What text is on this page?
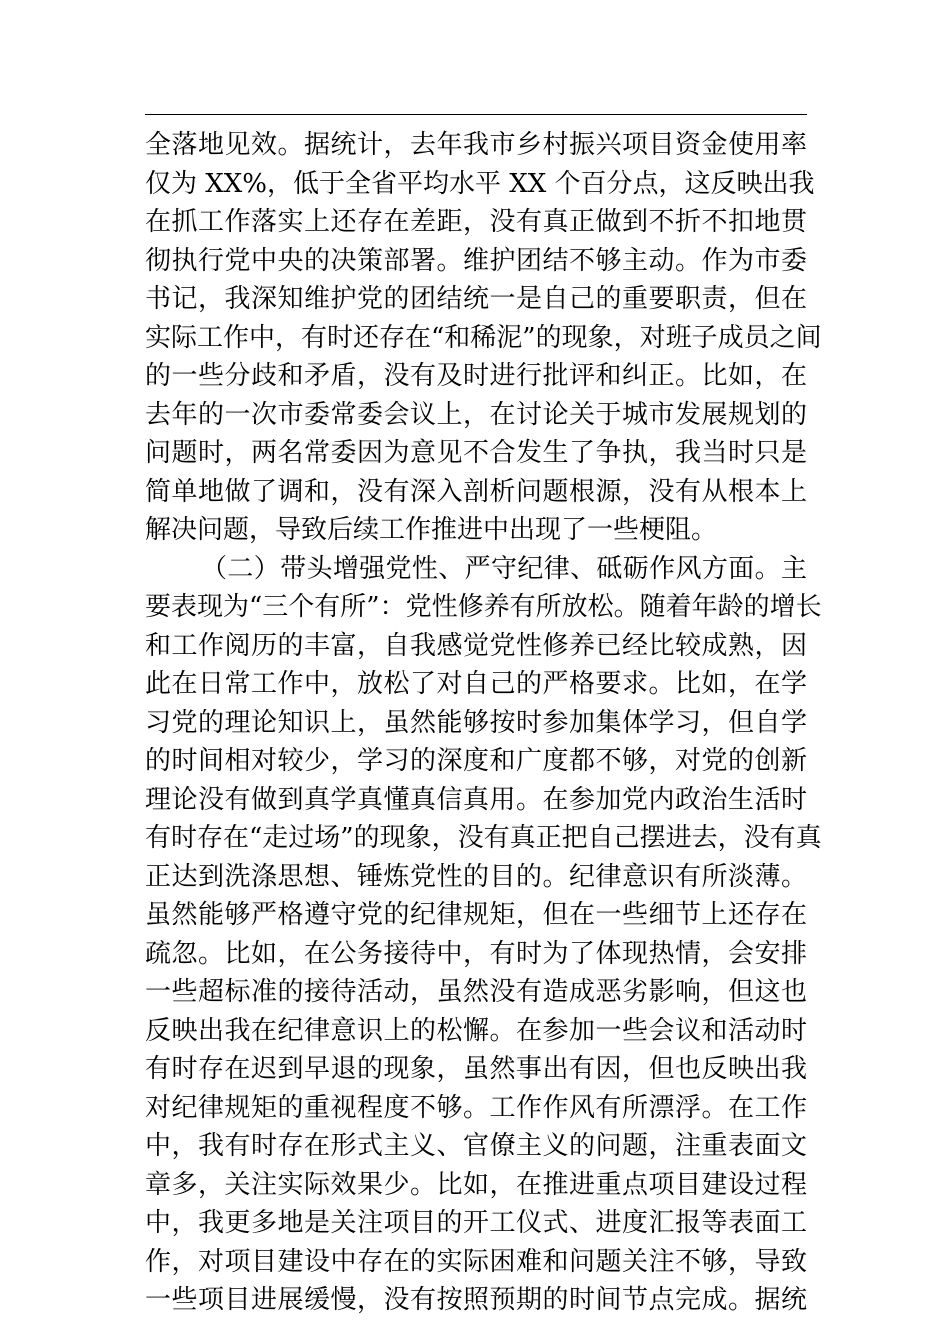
全落地见效。据统计，去年我市乡村振兴项目资金使用率
仅为 XX%，低于全省平均水平 XX 个百分点，这反映出我
在抓工作落实上还存在差距，没有真正做到不折不扣地贯
彻执行党中央的决策部署。维护团结不够主动。作为市委
书记，我深知维护党的团结统一是自己的重要职责，但在
实际工作中，有时还存在“和稀泥”的现象，对班子成员之间
的一些分歧和矛盾，没有及时进行批评和纠正。比如，在
去年的一次市委常委会议上，在讨论关于城市发展规划的
问题时，两名常委因为意见不合发生了争执，我当时只是
简单地做了调和，没有深入剖析问题根源，没有从根本上
解决问题，导致后续工作推进中出现了一些梗阻。
（二）带头增强党性、严守纪律、砥砺作风方面。主
要表现为“三个有所”：党性修养有所放松。随着年龄的增长
和工作阅历的丰富，自我感觉党性修养已经比较成熟，因
此在日常工作中，放松了对自己的严格要求。比如，在学
习党的理论知识上，虽然能够按时参加集体学习，但自学
的时间相对较少，学习的深度和广度都不够，对党的创新
理论没有做到真学真懂真信真用。在参加党内政治生活时
有时存在“走过场”的现象，没有真正把自己摆进去，没有真
正达到洗涤思想、锤炼党性的目的。纪律意识有所淡薄。
虽然能够严格遵守党的纪律规矩，但在一些细节上还存在
疏忽。比如，在公务接待中，有时为了体现热情，会安排
一些超标准的接待活动，虽然没有造成恶劣影响，但这也
反映出我在纪律意识上的松懈。在参加一些会议和活动时
有时存在迟到早退的现象，虽然事出有因，但也反映出我
对纪律规矩的重视程度不够。工作作风有所漂浮。在工作
中，我有时存在形式主义、官僚主义的问题，注重表面文
章多，关注实际效果少。比如，在推进重点项目建设过程
中，我更多地是关注项目的开工仪式、进度汇报等表面工
作，对项目建设中存在的实际困难和问题关注不够，导致
一些项目进展缓慢，没有按照预期的时间节点完成。据统
